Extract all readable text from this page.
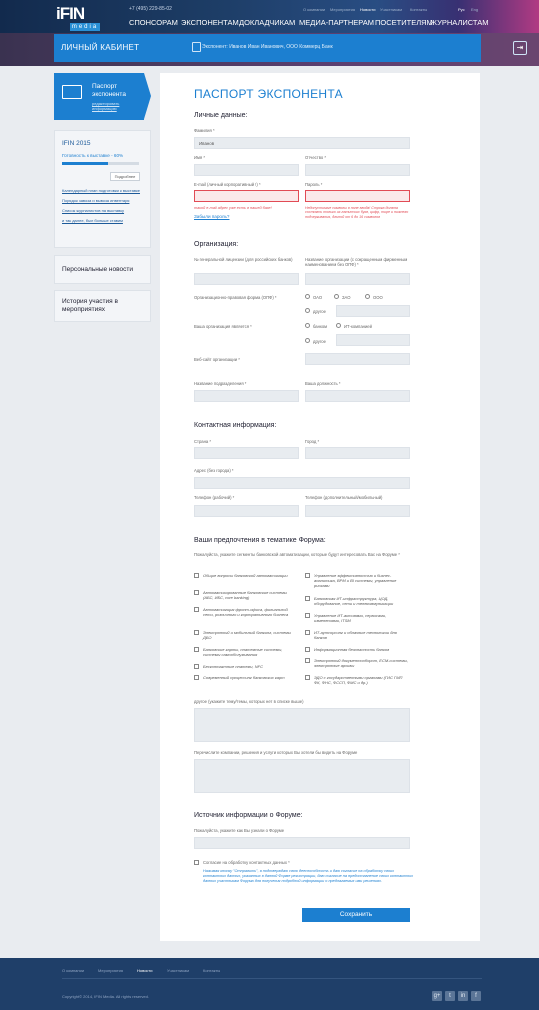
iFIN
media
+7 (495) 229-85-02	О компании Мероприятия Новости Участникам Контакты	Рус Eng
СПОНСОРАМ ЭКСПОНЕНТАМ ДОКЛАДЧИКАМ МЕДИА-ПАРТНЕРАМ ПОСЕТИТЕЛЯМ
ЖУРНАЛИСТАМ
ЛИЧНЫЙ КАБИНЕТ	Экспонент: Иванов Иван Иванович, ООО Коммерц Банк	⇥
Паспорт экспонента
редактировать информацию
IFIN 2015
Готовность к выставке - 60%
Подробнее
Календарный план подготовки к выставке
Порядок завоза и вывоза инвентаря
Список журналистов на выставку
и так далее, был больше ставим
Персональные новости
История участия в мероприятиях
ПАСПОРТ ЭКСПОНЕНТА
Личные данные:
Фамилия *
Иванов
Имя *	Отчество *
E-mail (личный корпоративный !) *	Пароль *
такой e-mail адрес уже есть в нашей базе!	Недопустимые символы в поле ввода! Строка должна состоять только из латинских букв, цифр, тире и нижнего подчеркивания, длиной от 6 до 16 символов
Забыли пароль?
Организация:
№ генеральной лицензии (для российских банков)	Название организации (с сокращенным фирменным наименованием без ОПФ) *
Организационно-правовая форма (ОПФ) *	ОАО	ЗАО	ООО
другое
Ваша организация является *	банком	ИТ-компанией
другое
Веб-сайт организации *
Название подразделения *	Ваша должность *
Контактная информация:
Страна *	Город *
Адрес (без города) *
Телефон (рабочий) *	Телефон (дополнительный/мобильный)
Ваши предпочтения в тематике Форума:
Пожалуйста, укажите сегменты банковской автоматизации, которые будут интересовать Вас на Форуме *
Общие вопросы банковской автоматизации
Автоматизированные банковские системы (АБС, ИБС, core banking)
Автоматизация фронт-офиса, филиальной сети, розничного и корпоративного бизнеса
Электронный и мобильный банкинг, системы ДБО
Банковские карты, платежные системы, системы самообслуживания
Бесконтактные платежи, NFC
Современный процессинг банковских карт
Управление эффективностью и бизнес-аналитика, BPM и BI системы, управление рисками
Банковская ИТ-инфраструктура, ЦОД, оборудование, сети и телекоммуникации
Управление ИТ-активами, сервисами, изменениями, ITSM
ИТ-аутсорсинг и облачные технологии для банков
Информационная безопасность банков
Электронный документооборот, ECM-системы, электронные архивы
ЭДО с государственными органами (ГИС ГМП ФК, ФНС, ФССП, ФМС и др.)
другое (укажите тему/темы, которых нет в списке выше)
Перечислите компании, решения и услуги которых Вы хотели бы видеть на Форуме
Источник информации о Форуме:
Пожалуйста, укажите как Вы узнали о Форуме
Согласие на обработку контактных данных *
Нажимая кнопку "Отправить", я подтверждаю свою дееспособность и даю согласие на обработку своих контактных данных, указанных в данной Форме регистрации, даю согласие на предоставление своих контактных данных участникам Форума для получения подробной информации о предлагаемых ими решениях.
Сохранить
О компании	Мероприятия	Новости	Участникам	Контакты
Copyright© 2014, IFIN Media. All rights reserved.	g+	t	in	f
